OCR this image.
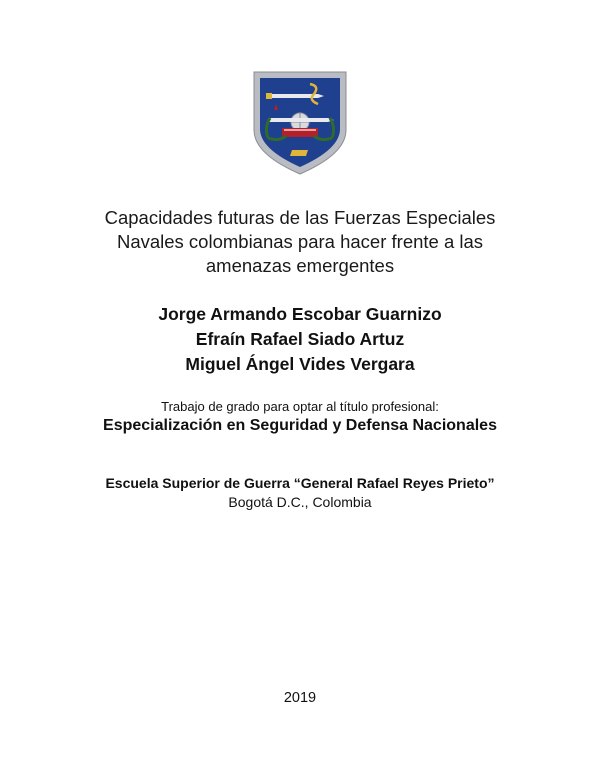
Capacidades futuras de las Fuerzas Especiales
Navales colombianas para hacer frente a las
amenazas emergentes
Jorge Armando Escobar Guarnizo
Efraín Rafael Siado Artuz
Miguel Ángel Vides Vergara
Trabajo de grado para optar al título profesional:
Especialización en Seguridad y Defensa Nacionales
Escuela Superior de Guerra “General Rafael Reyes Prieto”
Bogotá D.C., Colombia
2019
